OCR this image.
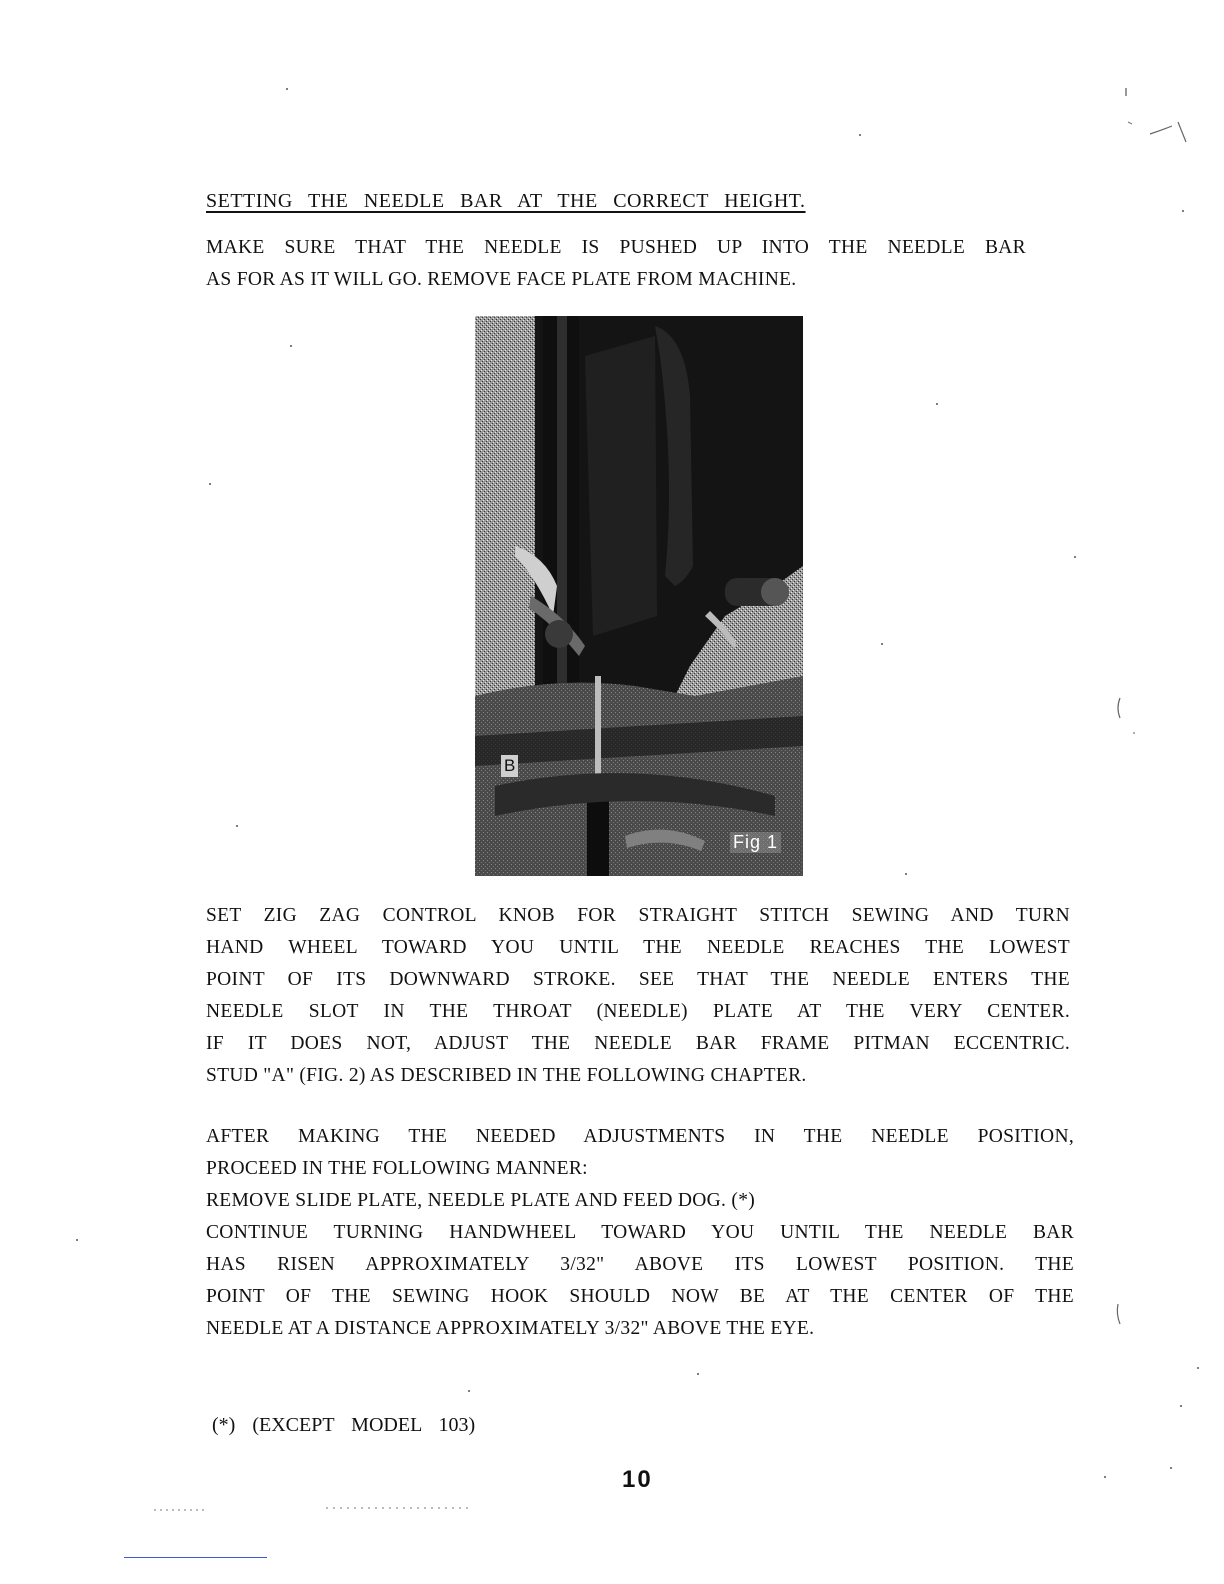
SETTING THE NEEDLE BAR AT THE CORRECT HEIGHT.
MAKE SURE THAT THE NEEDLE IS PUSHED UP INTO THE NEEDLE BAR
AS FOR AS IT WILL GO. REMOVE FACE PLATE FROM MACHINE.
B
Fig 1
SET ZIG ZAG CONTROL KNOB FOR STRAIGHT STITCH SEWING AND TURN
HAND WHEEL TOWARD YOU UNTIL THE NEEDLE REACHES THE LOWEST
POINT OF ITS DOWNWARD STROKE. SEE THAT THE NEEDLE ENTERS THE
NEEDLE SLOT IN THE THROAT (NEEDLE) PLATE AT THE VERY CENTER.
IF IT DOES NOT, ADJUST THE NEEDLE BAR FRAME PITMAN ECCENTRIC.
STUD "A" (FIG. 2) AS DESCRIBED IN THE FOLLOWING CHAPTER.
AFTER MAKING THE NEEDED ADJUSTMENTS IN THE NEEDLE POSITION,
PROCEED IN THE FOLLOWING MANNER:
REMOVE SLIDE PLATE, NEEDLE PLATE AND FEED DOG. (*)
CONTINUE TURNING HANDWHEEL TOWARD YOU UNTIL THE NEEDLE BAR
HAS RISEN APPROXIMATELY 3/32" ABOVE ITS LOWEST POSITION. THE
POINT OF THE SEWING HOOK SHOULD NOW BE AT THE CENTER OF THE
NEEDLE AT A DISTANCE APPROXIMATELY 3/32" ABOVE THE EYE.
(*) (EXCEPT MODEL 103)
10
